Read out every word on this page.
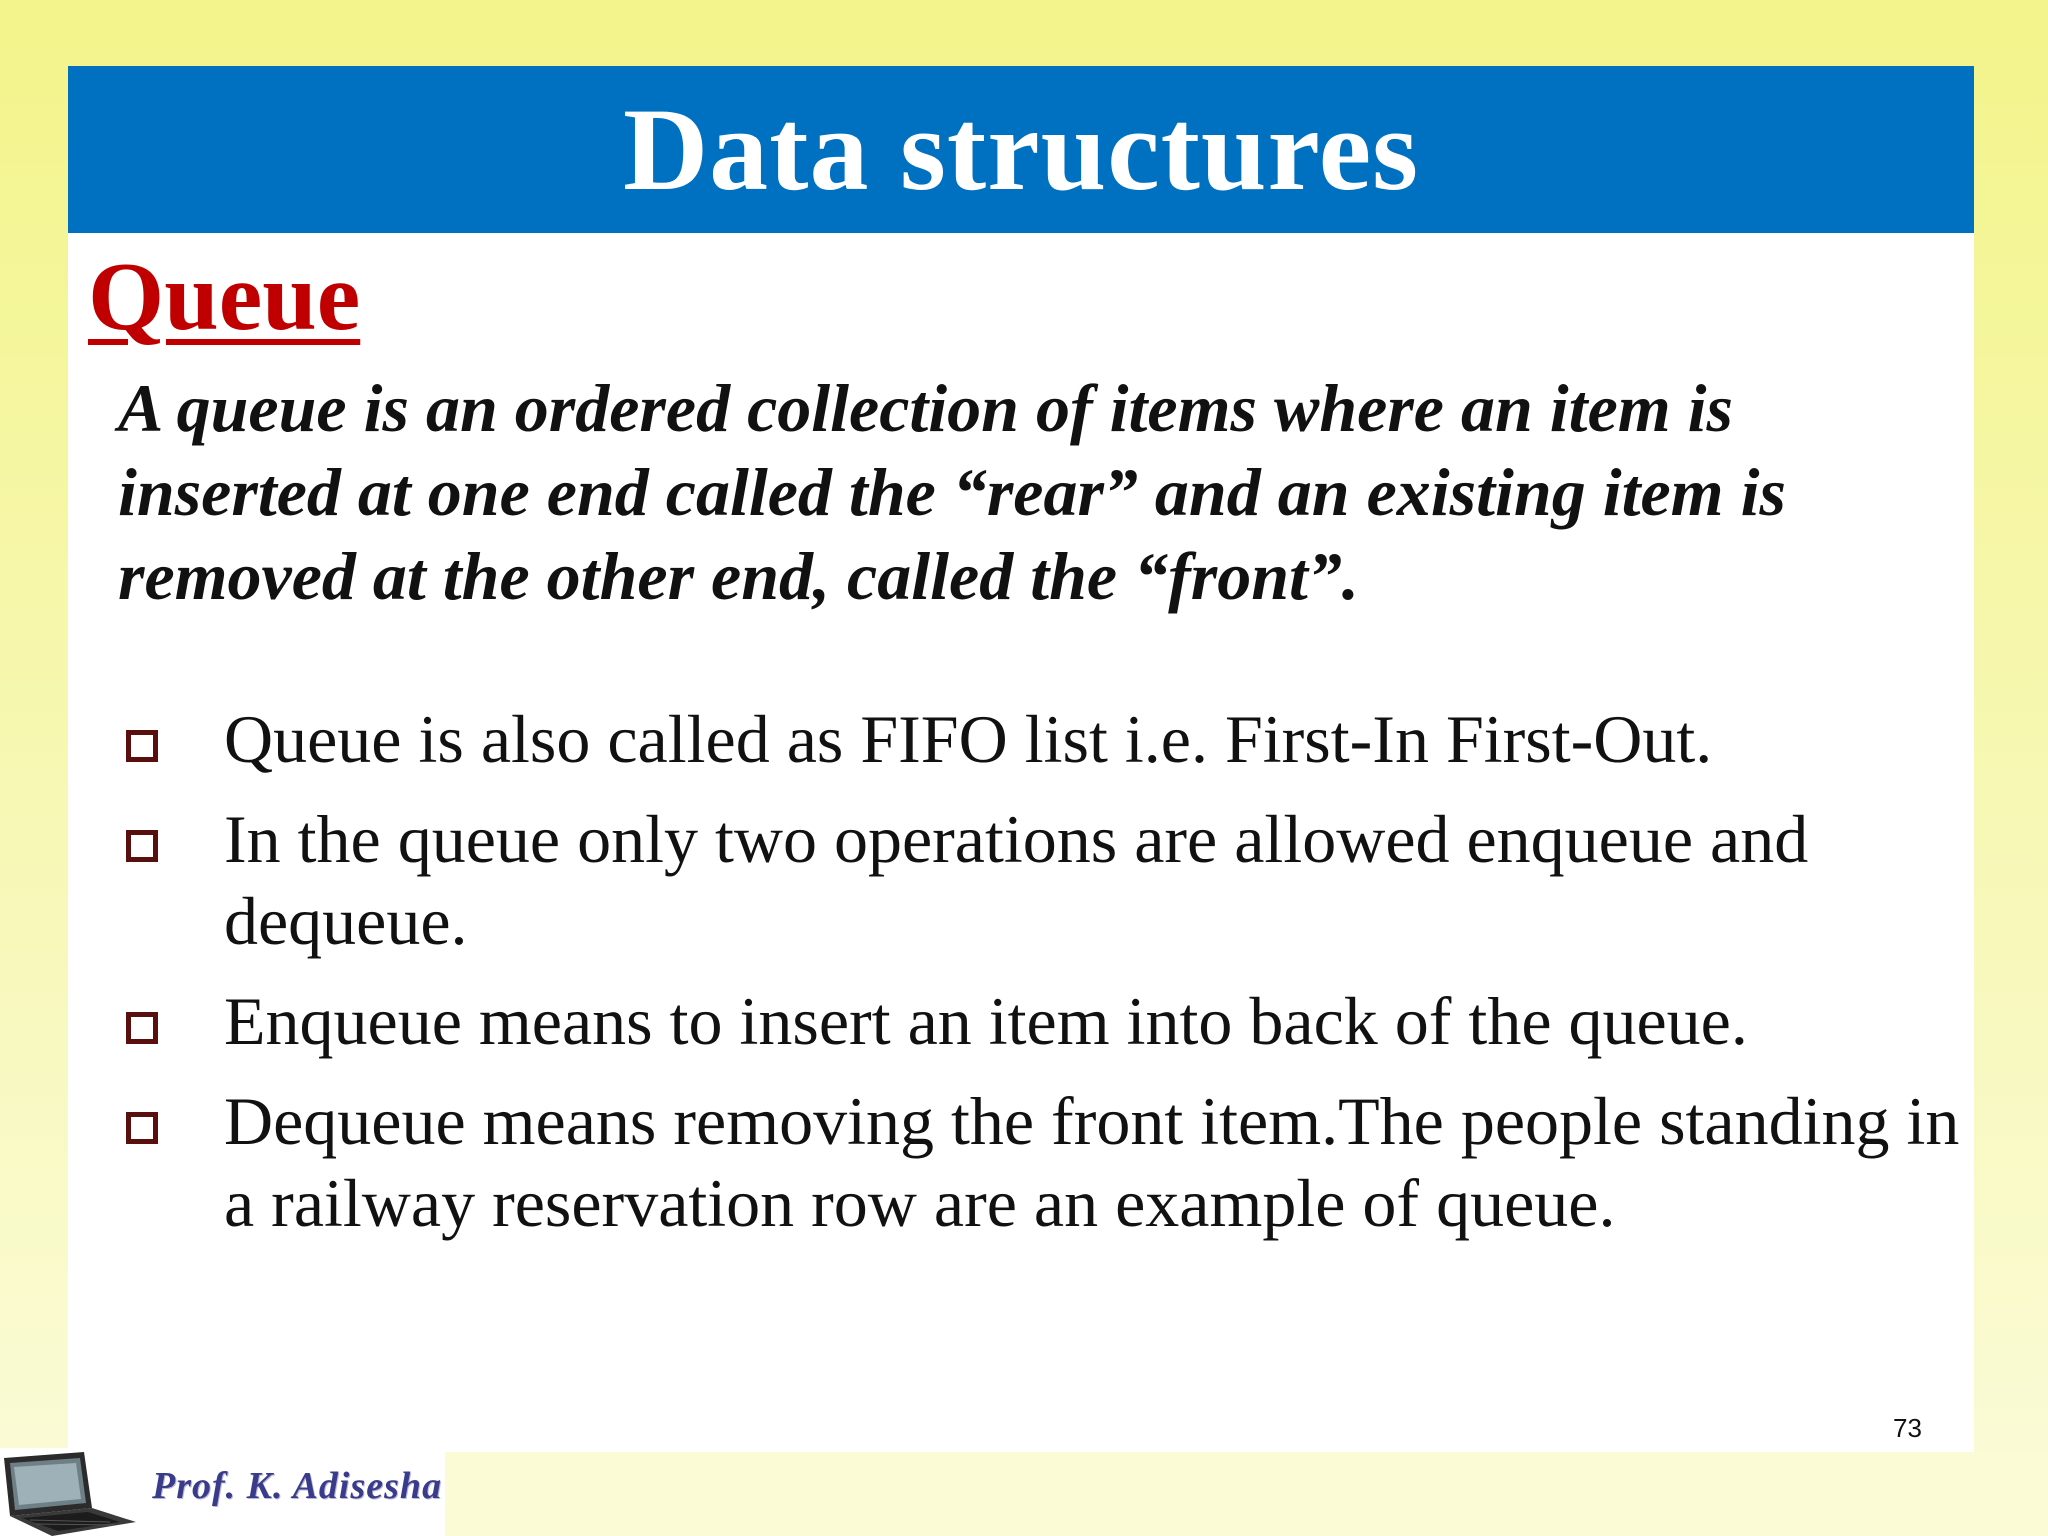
Data structures
Queue

A queue is an ordered collection of items where an item is inserted at one end called the “rear” and an existing item is removed at the other end, called the “front”.

Queue is also called as FIFO list i.e. First-In First-Out.
In the queue only two operations are allowed enqueue and dequeue.
Enqueue means to insert an item into back of the queue.
Dequeue means removing the front item.The people standing in a railway reservation row are an example of queue.
73
Prof. K. Adisesha
